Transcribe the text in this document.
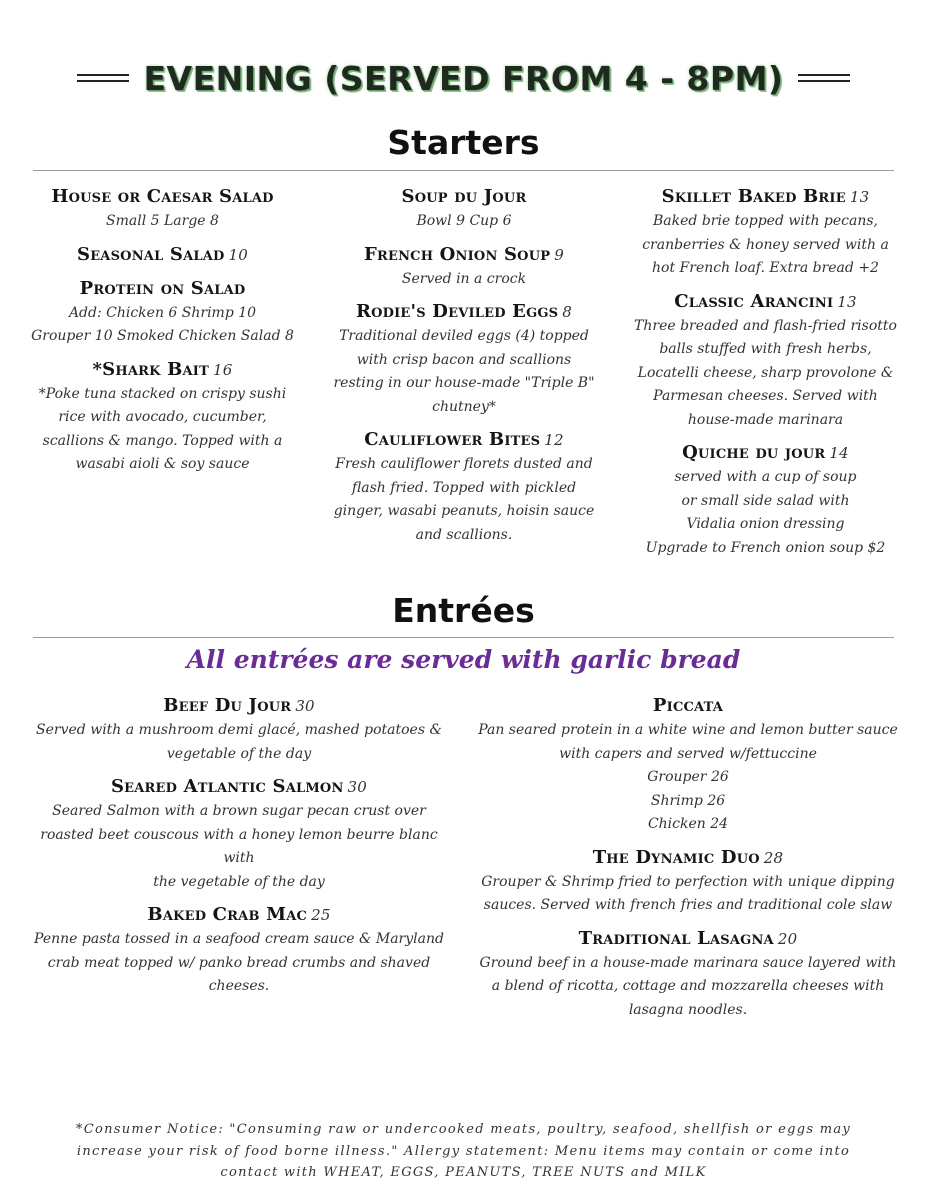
EVENING (SERVED FROM 4 - 8PM)
Starters
House or Caesar Salad
Small 5 Large 8
Seasonal Salad 10
Protein on Salad
Add: Chicken 6 Shrimp 10
Grouper 10 Smoked Chicken Salad 8
*Shark Bait 16
*Poke tuna stacked on crispy sushi
rice with avocado, cucumber,
scallions & mango. Topped with a
wasabi aioli & soy sauce
Soup du Jour
Bowl 9 Cup 6
French Onion Soup 9
Served in a crock
Rodie's Deviled Eggs 8
Traditional deviled eggs (4) topped
with crisp bacon and scallions
resting in our house-made "Triple B"
chutney*
Cauliflower Bites 12
Fresh cauliflower florets dusted and
flash fried. Topped with pickled
ginger, wasabi peanuts, hoisin sauce
and scallions.
Skillet Baked Brie 13
Baked brie topped with pecans,
cranberries & honey served with a
hot French loaf. Extra bread +2
Classic Arancini 13
Three breaded and flash-fried risotto
balls stuffed with fresh herbs,
Locatelli cheese, sharp provolone &
Parmesan cheeses. Served with
house-made marinara
Quiche du jour 14
served with a cup of soup
or small side salad with
Vidalia onion dressing
Upgrade to French onion soup $2
Entrées
All entrées are served with garlic bread
Beef Du Jour 30
Served with a mushroom demi glacé, mashed potatoes &
vegetable of the day
Seared Atlantic Salmon 30
Seared Salmon with a brown sugar pecan crust over
roasted beet couscous with a honey lemon beurre blanc with
the vegetable of the day
Baked Crab Mac 25
Penne pasta tossed in a seafood cream sauce & Maryland
crab meat topped w/ panko bread crumbs and shaved
cheeses.
Piccata
Pan seared protein in a white wine and lemon butter sauce
with capers and served w/fettuccine
Grouper 26
Shrimp 26
Chicken 24
The Dynamic Duo 28
Grouper & Shrimp fried to perfection with unique dipping
sauces. Served with french fries and traditional cole slaw
Traditional Lasagna 20
Ground beef in a house-made marinara sauce layered with
a blend of ricotta, cottage and mozzarella cheeses with
lasagna noodles.
*Consumer Notice: "Consuming raw or undercooked meats, poultry, seafood, shellfish or eggs may
increase your risk of food borne illness." Allergy statement: Menu items may contain or come into
contact with WHEAT, EGGS, PEANUTS, TREE NUTS and MILK
